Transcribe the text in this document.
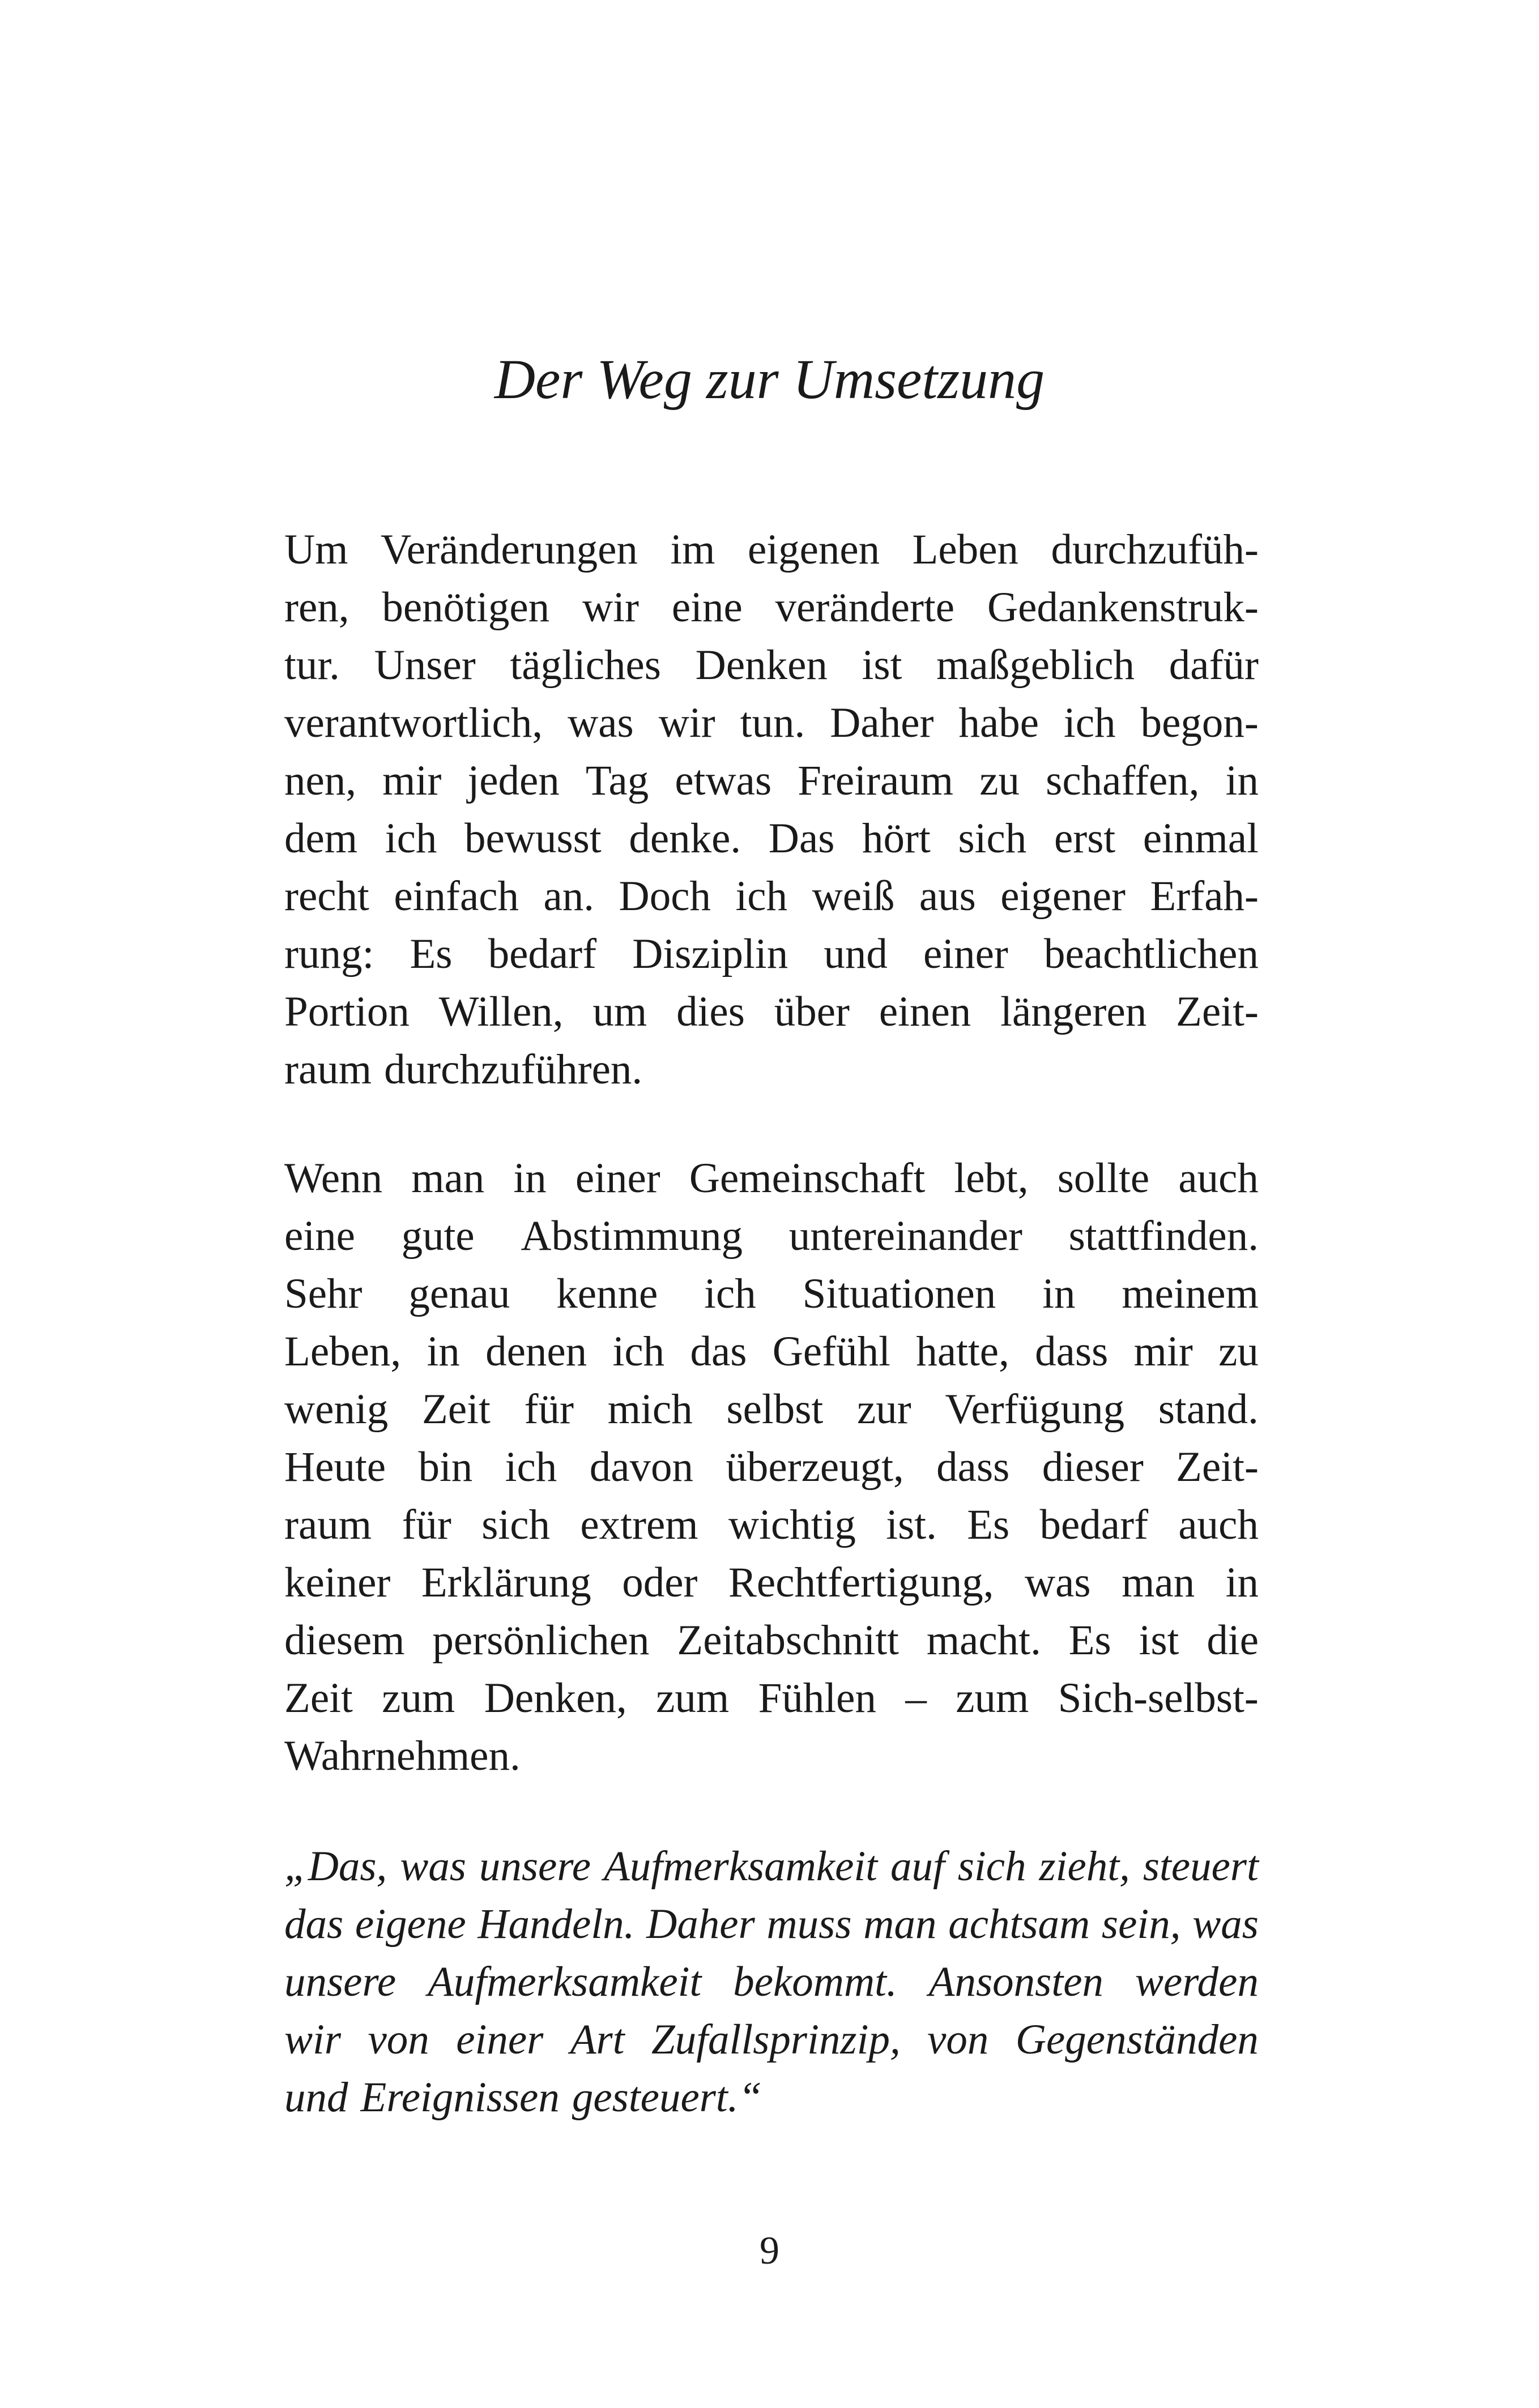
Der Weg zur Umsetzung
Um Veränderungen im eigenen Leben durchzufüh-
ren, benötigen wir eine veränderte Gedankenstruk-
tur. Unser tägliches Denken ist maßgeblich dafür
verantwortlich, was wir tun. Daher habe ich begon-
nen, mir jeden Tag etwas Freiraum zu schaffen, in
dem ich bewusst denke. Das hört sich erst einmal
recht einfach an. Doch ich weiß aus eigener Erfah-
rung: Es bedarf Disziplin und einer beachtlichen
Portion Willen, um dies über einen längeren Zeit-
raum durchzuführen.
Wenn man in einer Gemeinschaft lebt, sollte auch
eine gute Abstimmung untereinander stattfinden.
Sehr genau kenne ich Situationen in meinem
Leben, in denen ich das Gefühl hatte, dass mir zu
wenig Zeit für mich selbst zur Verfügung stand.
Heute bin ich davon überzeugt, dass dieser Zeit-
raum für sich extrem wichtig ist. Es bedarf auch
keiner Erklärung oder Rechtfertigung, was man in
diesem persönlichen Zeitabschnitt macht. Es ist die
Zeit zum Denken, zum Fühlen – zum Sich-selbst-
Wahrnehmen.
„Das, was unsere Aufmerksamkeit auf sich zieht, steuert
das eigene Handeln. Daher muss man achtsam sein, was
unsere Aufmerksamkeit bekommt. Ansonsten werden
wir von einer Art Zufallsprinzip, von Gegenständen
und Ereignissen gesteuert.“
9
